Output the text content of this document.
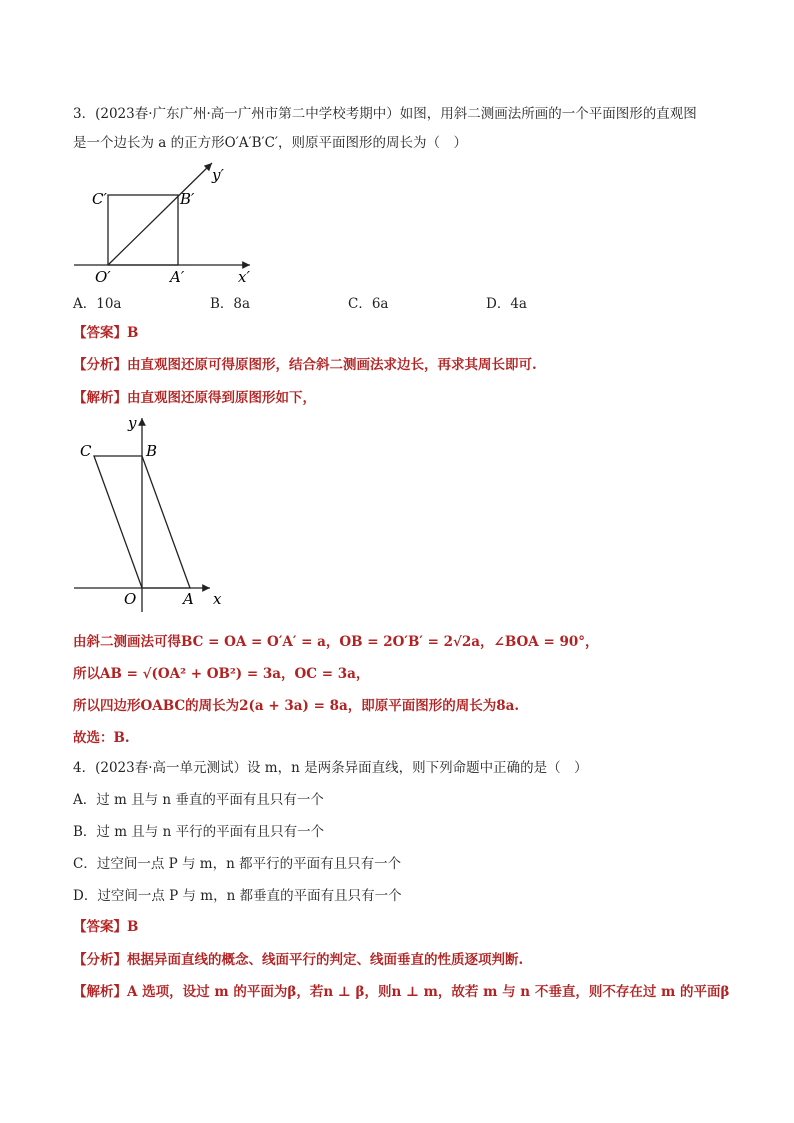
3．(2023春·广东广州·高一广州市第二中学校考期中）如图，用斜二测画法所画的一个平面图形的直观图
是一个边长为 a 的正方形O′A′B′C′，则原平面图形的周长为（　）
y′
C′	B′
O′	A′	x′
A．10a	B．8a	C．6a	D．4a
【答案】B
【分析】由直观图还原可得原图形，结合斜二测画法求边长，再求其周长即可.
【解析】由直观图还原得到原图形如下，
y
C	B
O	A x
由斜二测画法可得BC = OA = O′A′ = a，OB = 2O′B′ = 2√2a，∠BOA = 90°，
所以AB = √(OA² + OB²) = 3a，OC = 3a，
所以四边形OABC的周长为2(a + 3a) = 8a，即原平面图形的周长为8a.
故选：B.
4．(2023春·高一单元测试）设 m，n 是两条异面直线，则下列命题中正确的是（　）
A．过 m 且与 n 垂直的平面有且只有一个
B．过 m 且与 n 平行的平面有且只有一个
C．过空间一点 P 与 m，n 都平行的平面有且只有一个
D．过空间一点 P 与 m，n 都垂直的平面有且只有一个
【答案】B
【分析】根据异面直线的概念、线面平行的判定、线面垂直的性质逐项判断.
【解析】A 选项，设过 m 的平面为β，若n ⊥ β，则n ⊥ m，故若 m 与 n 不垂直，则不存在过 m 的平面β
